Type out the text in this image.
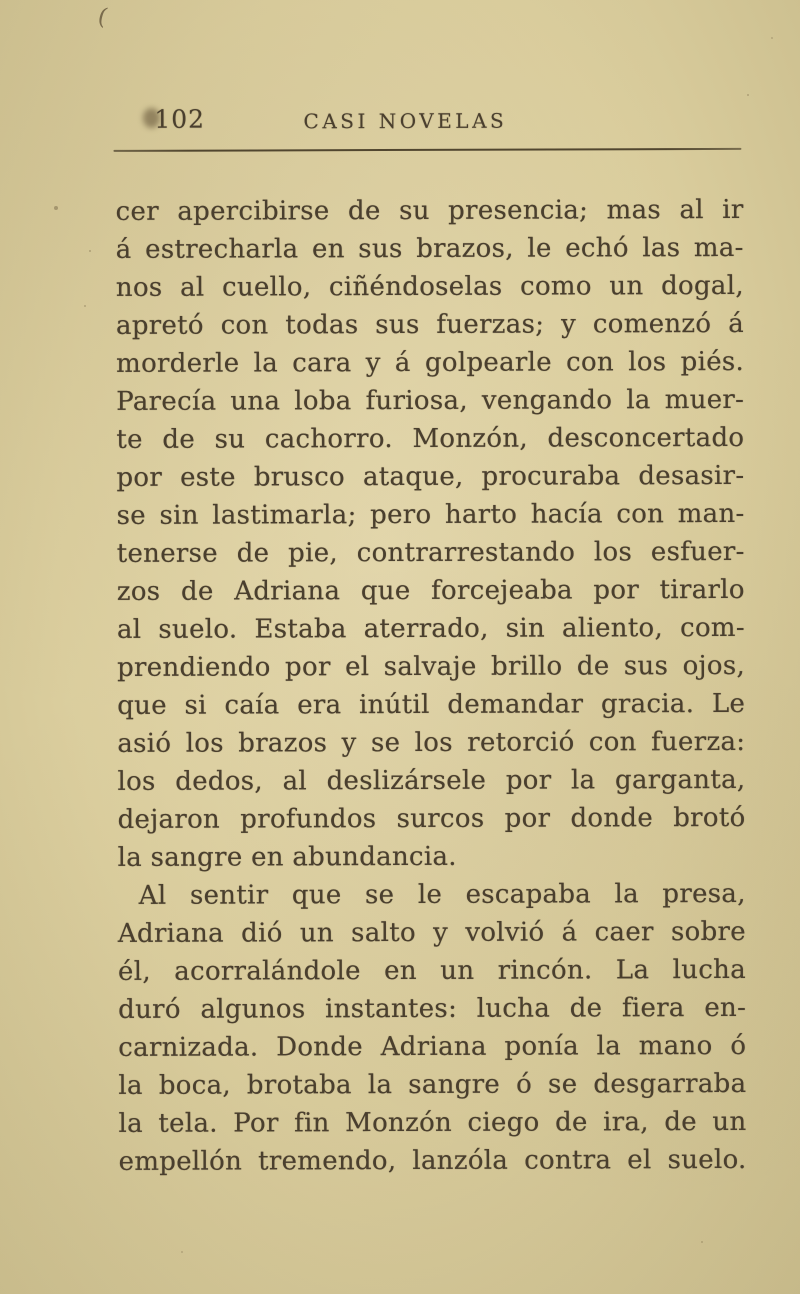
(
102	CASI NOVELAS
cer apercibirse de su presencia; mas al ir
á estrecharla en sus brazos, le echó las ma-
nos al cuello, ciñéndoselas como un dogal,
apretó con todas sus fuerzas; y comenzó á
morderle la cara y á golpearle con los piés.
Parecía una loba furiosa, vengando la muer-
te de su cachorro. Monzón, desconcertado
por este brusco ataque, procuraba desasir-
se sin lastimarla; pero harto hacía con man-
tenerse de pie, contrarrestando los esfuer-
zos de Adriana que forcejeaba por tirarlo
al suelo. Estaba aterrado, sin aliento, com-
prendiendo por el salvaje brillo de sus ojos,
que si caía era inútil demandar gracia. Le
asió los brazos y se los retorció con fuerza:
los dedos, al deslizársele por la garganta,
dejaron profundos surcos por donde brotó
la sangre en abundancia.
Al sentir que se le escapaba la presa,
Adriana dió un salto y volvió á caer sobre
él, acorralándole en un rincón. La lucha
duró algunos instantes: lucha de fiera en-
carnizada. Donde Adriana ponía la mano ó
la boca, brotaba la sangre ó se desgarraba
la tela. Por fin Monzón ciego de ira, de un
empellón tremendo, lanzóla contra el suelo.
